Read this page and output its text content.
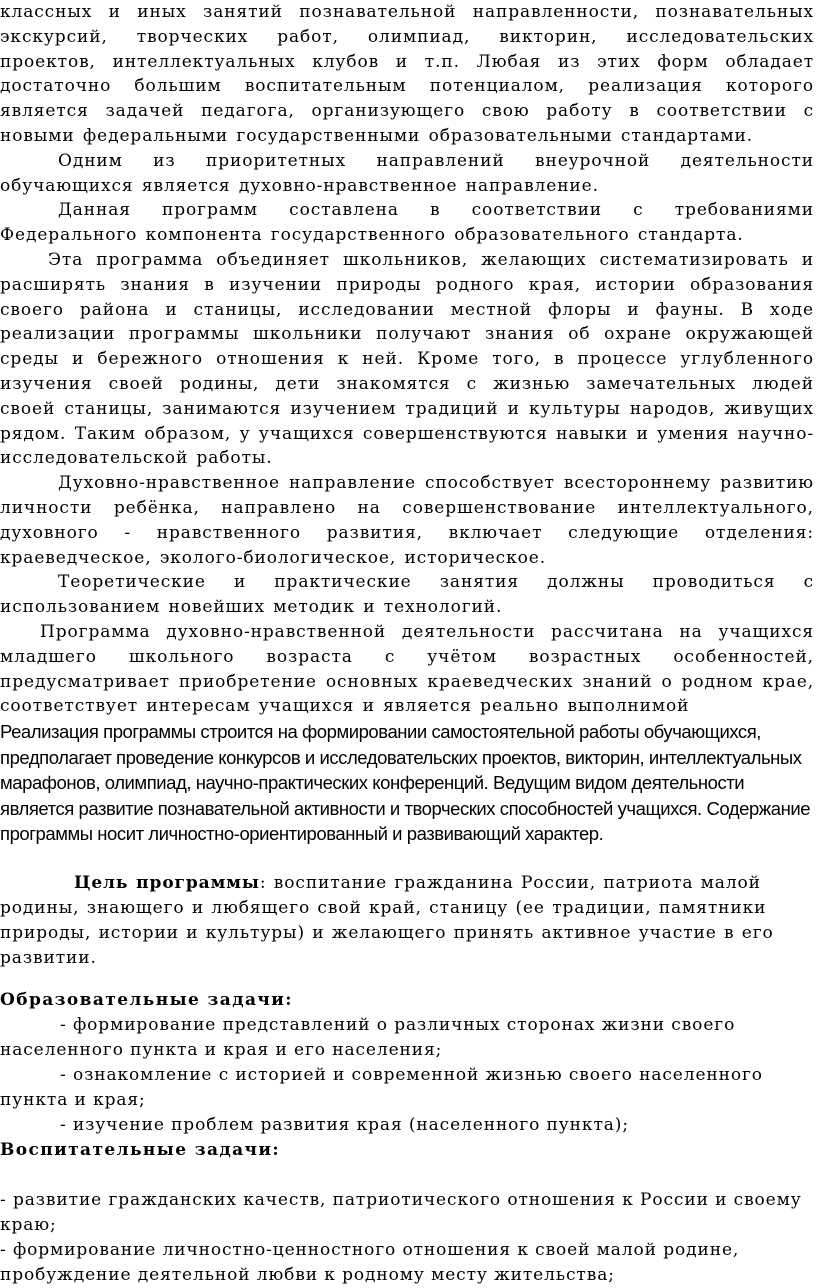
классных и иных занятий познавательной направленности, познавательных экскурсий, творческих работ, олимпиад, викторин, исследовательских проектов, интеллектуальных клубов и т.п. Любая из этих форм обладает достаточно большим воспитательным потенциалом, реализация которого является задачей педагога, организующего свою работу в соответствии с новыми федеральными государственными образовательными стандартами.

Одним из приоритетных направлений внеурочной деятельности обучающихся является духовно-нравственное направление.

Данная программ составлена в соответствии с требованиями Федерального компонента государственного образовательного стандарта.

Эта программа объединяет школьников, желающих систематизировать и расширять знания в изучении природы родного края, истории образования своего района и станицы, исследовании местной флоры и фауны. В ходе реализации программы школьники получают знания об охране окружающей среды и бережного отношения к ней. Кроме того, в процессе углубленного изучения своей родины, дети знакомятся с жизнью замечательных людей своей станицы, занимаются изучением традиций и культуры народов, живущих рядом. Таким образом, у учащихся совершенствуются навыки и умения научно-исследовательской работы.

Духовно-нравственное направление способствует всестороннему развитию личности ребёнка, направлено на совершенствование интеллектуального, духовного - нравственного развития, включает следующие отделения: краеведческое, эколого-биологическое, историческое.

Теоретические и практические занятия должны проводиться с использованием новейших методик и технологий.

Программа духовно-нравственной деятельности рассчитана на учащихся младшего школьного возраста с учётом возрастных особенностей, предусматривает приобретение основных краеведческих знаний о родном крае, соответствует интересам учащихся и является реально выполнимой

Реализация программы строится на формировании самостоятельной работы обучающихся, предполагает проведение конкурсов и исследовательских проектов, викторин, интеллектуальных марафонов, олимпиад, научно-практических конференций. Ведущим видом деятельности является развитие познавательной активности и творческих способностей учащихся. Содержание программы носит личностно-ориентированный и развивающий характер.

Цель программы: воспитание гражданина России, патриота малой родины, знающего и любящего свой край, станицу (ее традиции, памятники природы, истории и культуры) и желающего принять активное участие в его развитии.

Образовательные задачи:

- формирование представлений о различных сторонах жизни своего населенного пункта и края и его населения;

- ознакомление с историей и современной жизнью своего населенного пункта и края;

- изучение проблем развития края (населенного пункта);

Воспитательные задачи:

- развитие гражданских качеств, патриотического отношения к России и своему краю;

- формирование личностно-ценностного отношения к своей малой родине, пробуждение деятельной любви к родному месту жительства;
